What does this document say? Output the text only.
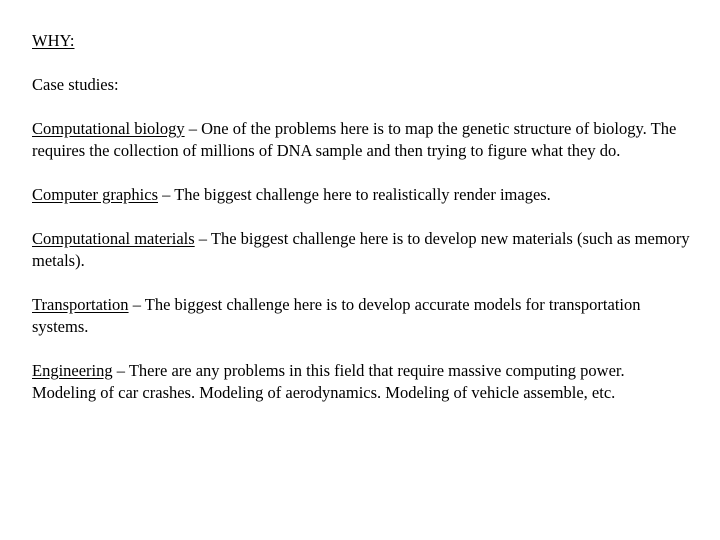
WHY:
Case studies:
Computational biology – One of the problems here is to map the genetic structure of biology. The requires the collection of millions of DNA sample and then trying to figure what they do.
Computer graphics – The biggest challenge here to realistically render images.
Computational materials – The biggest challenge here is to develop new materials (such as memory metals).
Transportation – The biggest challenge here is to develop accurate models for transportation systems.
Engineering – There are any problems in this field that require massive computing power. Modeling of car crashes. Modeling of aerodynamics. Modeling of vehicle assemble, etc.
